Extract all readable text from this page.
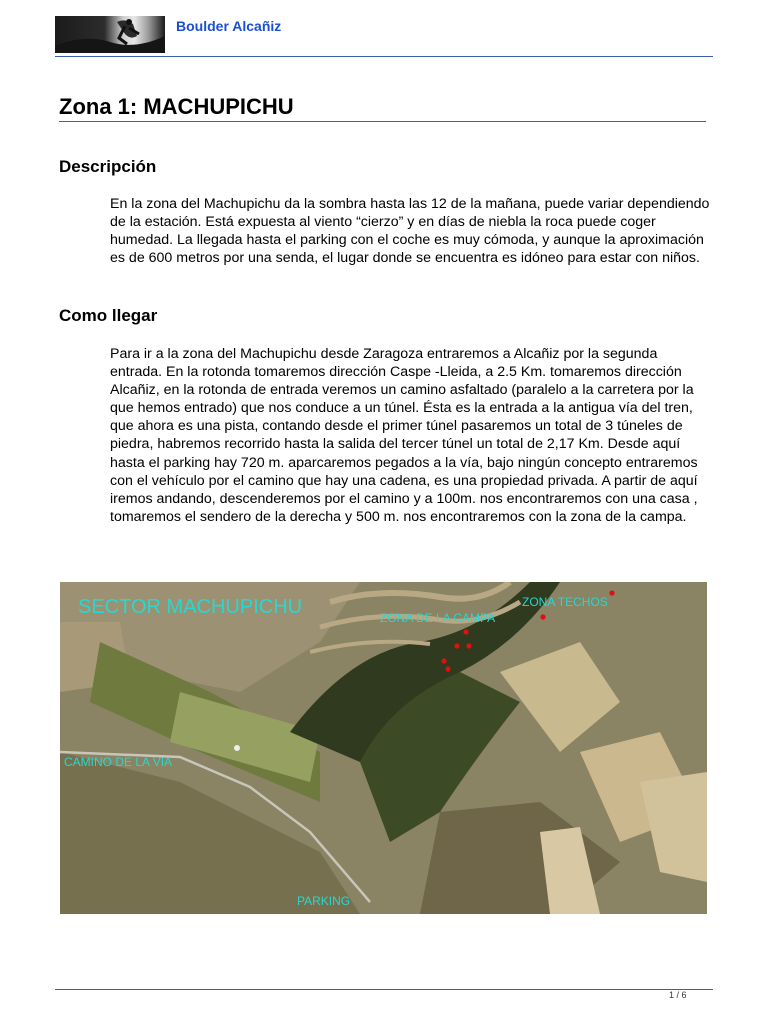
Boulder Alcañiz
Zona 1: MACHUPICHU
Descripción

En la zona del Machupichu da la sombra hasta las 12 de la mañana, puede variar dependiendo de la estación. Está expuesta al viento “cierzo” y en días de niebla la roca puede coger humedad. La llegada hasta el parking con el coche es muy cómoda, y aunque la aproximación es de 600 metros por una senda, el lugar donde se encuentra es idóneo para estar con niños.

Como llegar

Para ir a la zona del Machupichu desde Zaragoza entraremos a Alcañiz por la segunda entrada. En la rotonda tomaremos dirección Caspe -Lleida, a 2.5 Km. tomaremos dirección Alcañiz, en la rotonda de entrada veremos un camino asfaltado (paralelo a la carretera por la que hemos entrado) que nos conduce a un túnel. Ésta es la entrada a la antigua vía del tren, que ahora es una pista, contando desde el primer túnel pasaremos un total de 3 túneles de piedra, habremos recorrido hasta la salida del tercer túnel un total de 2,17 Km. Desde aquí hasta el parking hay 720 m. aparcaremos pegados a la vía, bajo ningún concepto entraremos con el vehículo por el camino que hay una cadena, es una propiedad privada. A partir de aquí iremos andando, descenderemos por el camino y a 100m. nos encontraremos con una casa , tomaremos el sendero de la derecha y 500 m. nos encontraremos con la zona de la campa.

SECTOR MACHUPICHU	ZONA DE LA CAMPA
ZONA TECHOS
CAMINO DE LA VIA
PARKING
1 / 6
